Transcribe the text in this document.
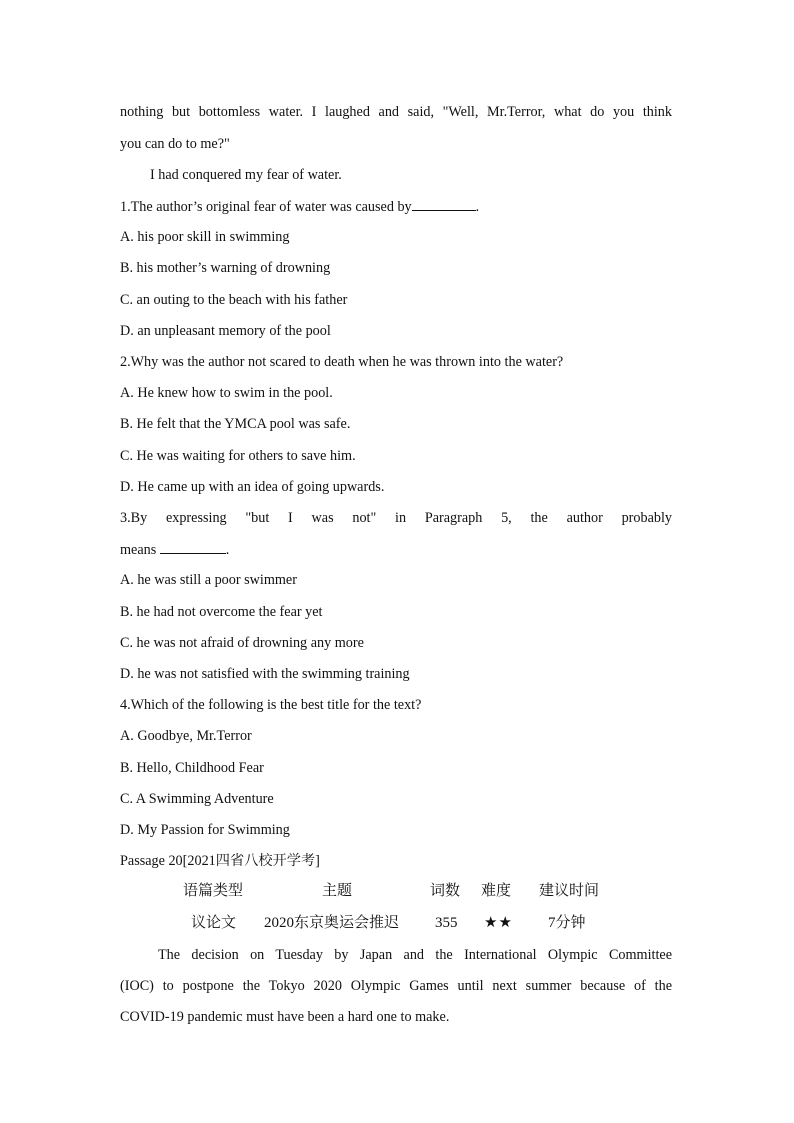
nothing but bottomless water. I laughed and said, "Well, Mr.Terror, what do you think
you can do to me?"
I had conquered my fear of water.
1.The author’s original fear of water was caused by	.
A. his poor skill in swimming
B. his mother’s warning of drowning
C. an outing to the beach with his father
D. an unpleasant memory of the pool
2.Why was the author not scared to death when he was thrown into the water?
A. He knew how to swim in the pool.
B. He felt that the YMCA pool was safe.
C. He was waiting for others to save him.
D. He came up with an idea of going upwards.
3.By expressing "but I was not" in Paragraph 5, the author probably
means	.
A. he was still a poor swimmer
B. he had not overcome the fear yet
C. he was not afraid of drowning any more
D. he was not satisfied with the swimming training
4.Which of the following is the best title for the text?
A. Goodbye, Mr.Terror
B. Hello, Childhood Fear
C. A Swimming Adventure
D. My Passion for Swimming
Passage 20[2021四省八校开学考]
语篇类型	主题	词数 难度 建议时间
议论文 2020东京奥运会推迟 355 ★★ 7分钟
The decision on Tuesday by Japan and the International Olympic Committee
(IOC) to postpone the Tokyo 2020 Olympic Games until next summer because of the
COVID-19 pandemic must have been a hard one to make.
